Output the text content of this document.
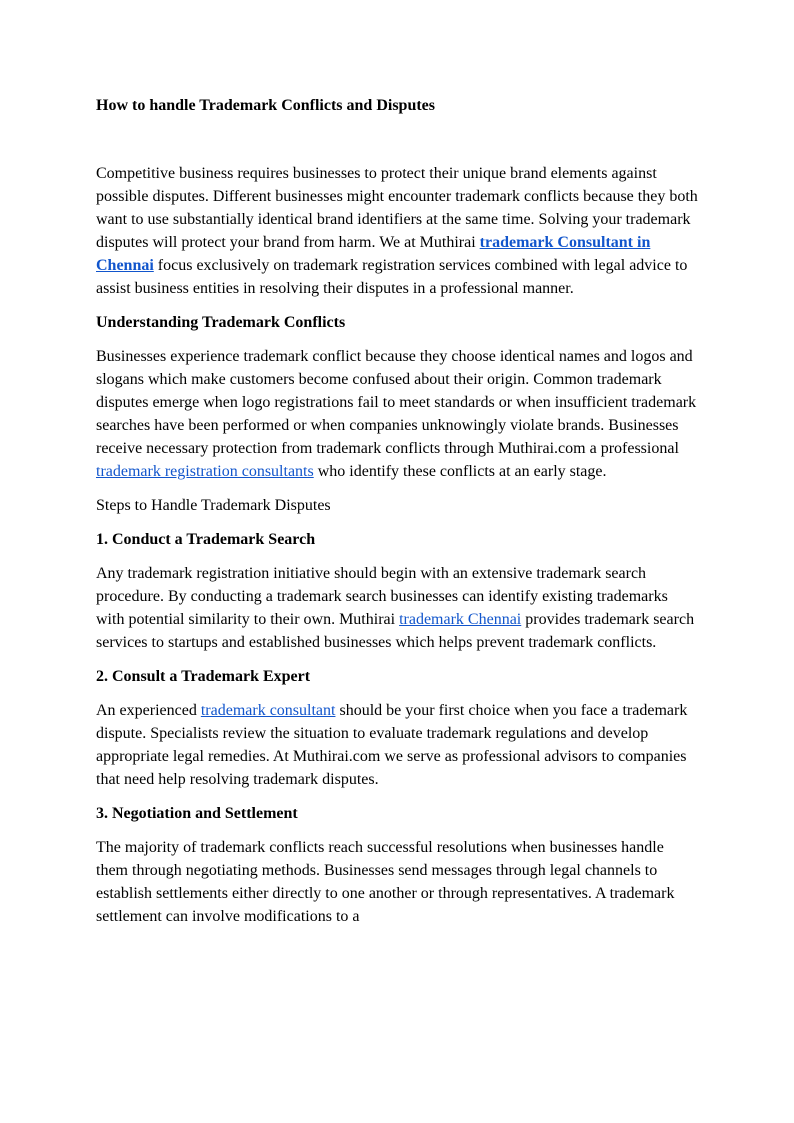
How to handle Trademark Conflicts and Disputes

Competitive business requires businesses to protect their unique brand elements against possible disputes. Different businesses might encounter trademark conflicts because they both want to use substantially identical brand identifiers at the same time. Solving your trademark disputes will protect your brand from harm. We at Muthirai trademark Consultant in Chennai focus exclusively on trademark registration services combined with legal advice to assist business entities in resolving their disputes in a professional manner.

Understanding Trademark Conflicts

Businesses experience trademark conflict because they choose identical names and logos and slogans which make customers become confused about their origin. Common trademark disputes emerge when logo registrations fail to meet standards or when insufficient trademark searches have been performed or when companies unknowingly violate brands. Businesses receive necessary protection from trademark conflicts through Muthirai.com a professional trademark registration consultants who identify these conflicts at an early stage.

Steps to Handle Trademark Disputes

1. Conduct a Trademark Search

Any trademark registration initiative should begin with an extensive trademark search procedure. By conducting a trademark search businesses can identify existing trademarks with potential similarity to their own. Muthirai trademark Chennai provides trademark search services to startups and established businesses which helps prevent trademark conflicts.

2. Consult a Trademark Expert

An experienced trademark consultant should be your first choice when you face a trademark dispute. Specialists review the situation to evaluate trademark regulations and develop appropriate legal remedies. At Muthirai.com we serve as professional advisors to companies that need help resolving trademark disputes.

3. Negotiation and Settlement

The majority of trademark conflicts reach successful resolutions when businesses handle them through negotiating methods. Businesses send messages through legal channels to establish settlements either directly to one another or through representatives. A trademark settlement can involve modifications to a
